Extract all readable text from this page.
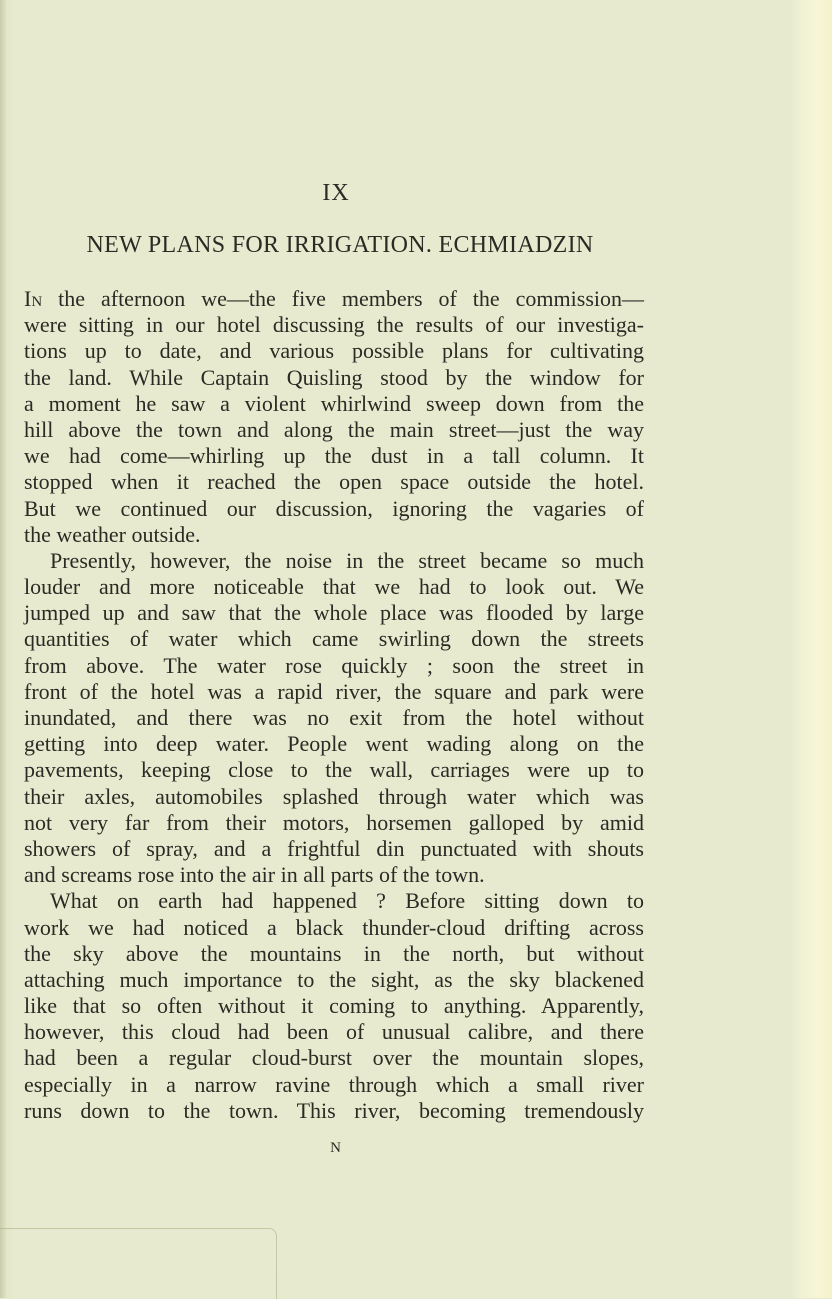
IX
NEW PLANS FOR IRRIGATION. ECHMIADZIN
In the afternoon we—the five members of the commission—
were sitting in our hotel discussing the results of our investiga-
tions up to date, and various possible plans for cultivating
the land. While Captain Quisling stood by the window for
a moment he saw a violent whirlwind sweep down from the
hill above the town and along the main street—just the way
we had come—whirling up the dust in a tall column. It
stopped when it reached the open space outside the hotel.
But we continued our discussion, ignoring the vagaries of
the weather outside.
Presently, however, the noise in the street became so much
louder and more noticeable that we had to look out. We
jumped up and saw that the whole place was flooded by large
quantities of water which came swirling down the streets
from above. The water rose quickly ; soon the street in
front of the hotel was a rapid river, the square and park were
inundated, and there was no exit from the hotel without
getting into deep water. People went wading along on the
pavements, keeping close to the wall, carriages were up to
their axles, automobiles splashed through water which was
not very far from their motors, horsemen galloped by amid
showers of spray, and a frightful din punctuated with shouts
and screams rose into the air in all parts of the town.
What on earth had happened ? Before sitting down to
work we had noticed a black thunder-cloud drifting across
the sky above the mountains in the north, but without
attaching much importance to the sight, as the sky blackened
like that so often without it coming to anything. Apparently,
however, this cloud had been of unusual calibre, and there
had been a regular cloud-burst over the mountain slopes,
especially in a narrow ravine through which a small river
runs down to the town. This river, becoming tremendously
N
